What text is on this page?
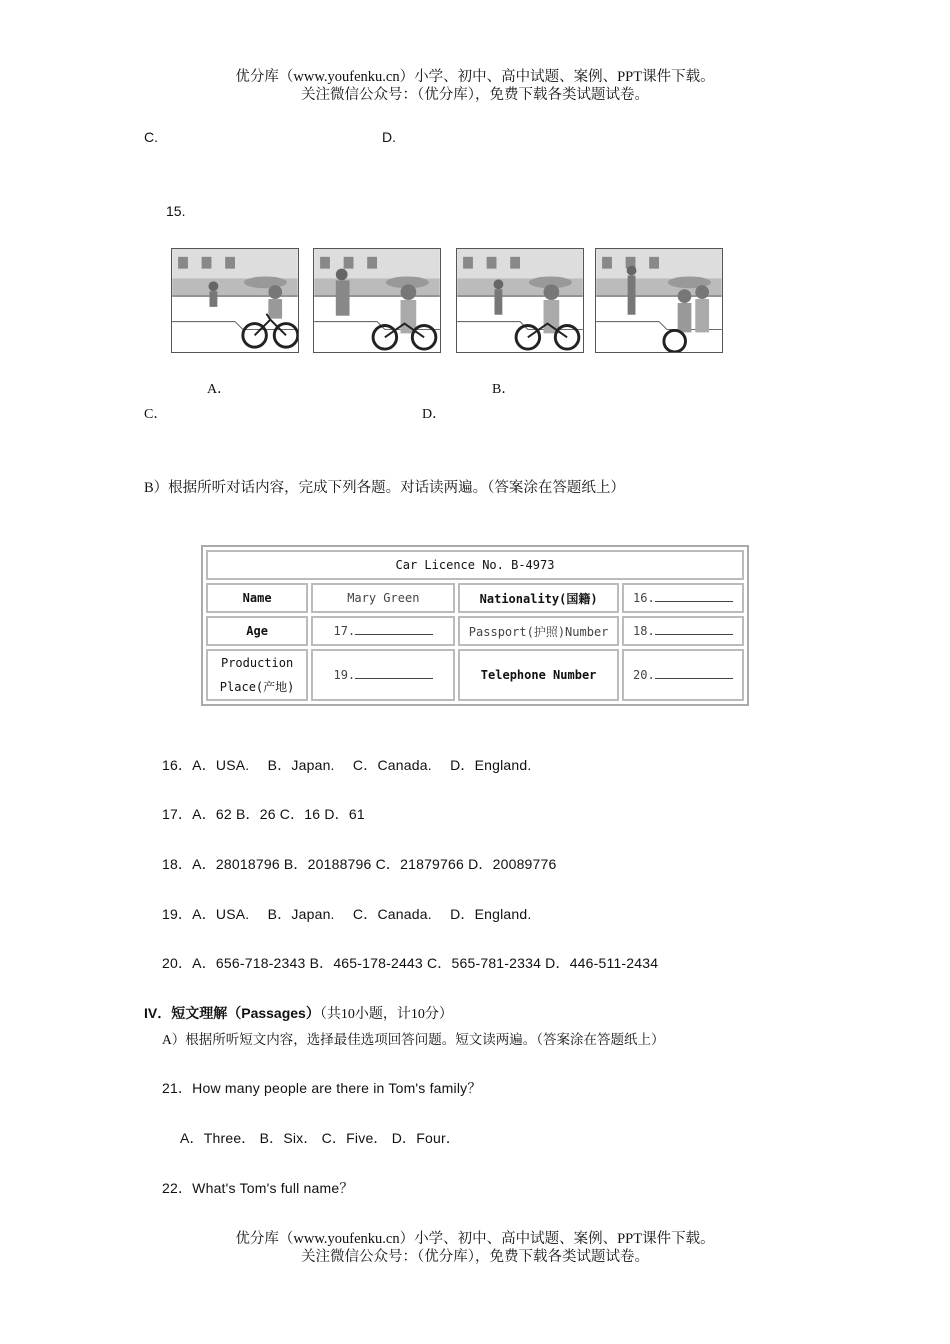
优分库（www.youfenku.cn）小学、初中、高中试题、案例、PPT课件下载。
关注微信公众号：（优分库），免费下载各类试题试卷。
C.	D.
15.
A．	B．
C．	D．
B）根据所听对话内容，完成下列各题。对话读两遍。（答案涂在答题纸上）
Car Licence No. B-4973			
Name	Mary Green	Nationality(国籍)	16.
Age	17.	Passport(护照)Number	18.

Production
Place(产地)	19.	Telephone Number	20.
16．A．USA.　 B．Japan.　 C．Canada.　 D．England.
17．A．62 B．26 C．16 D．61
18．A．28018796 B．20188796 C．21879766 D．20089776
19．A．USA.　 B．Japan.　 C．Canada.　 D．England.
20．A．656-718-2343 B．465-178-2443 C．565-781-2334 D．446-511-2434
IV．短文理解（Passages）（共10小题，计10分）
A）根据所听短文内容，选择最佳选项回答问题。短文读两遍。（答案涂在答题纸上）
21．How many people are there in Tom's family？
A．Three． B．Six． C．Five． D．Four．
22．What's Tom's full name？
优分库（www.youfenku.cn）小学、初中、高中试题、案例、PPT课件下载。
关注微信公众号：（优分库），免费下载各类试题试卷。
